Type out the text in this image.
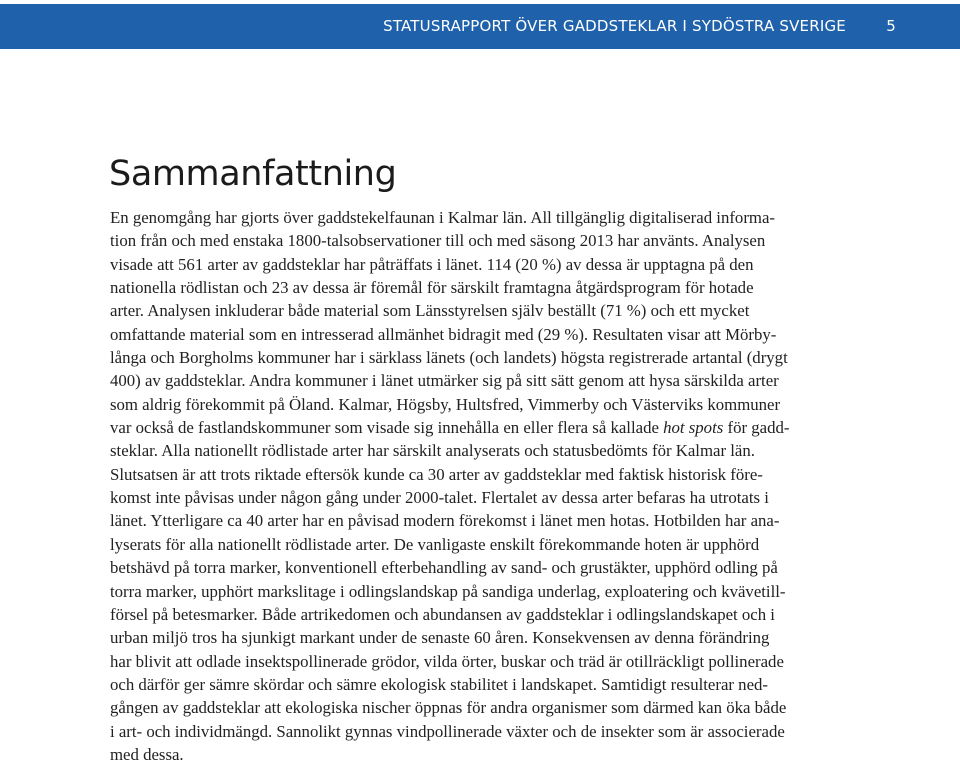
STATUSRAPPORT ÖVER GADDSTEKLAR I SYDÖSTRA SVERIGE	5
Sammanfattning

En genomgång har gjorts över gaddstekelfaunan i Kalmar län. All tillgänglig digitaliserad informa-
tion från och med enstaka 1800-talsobservationer till och med säsong 2013 har använts. Analysen
visade att 561 arter av gaddsteklar har påträffats i länet. 114 (20 %) av dessa är upptagna på den
nationella rödlistan och 23 av dessa är föremål för särskilt framtagna åtgärdsprogram för hotade
arter. Analysen inkluderar både material som Länsstyrelsen själv beställt (71 %) och ett mycket
omfattande material som en intresserad allmänhet bidragit med (29 %). Resultaten visar att Mörby-
långa och Borgholms kommuner har i särklass länets (och landets) högsta registrerade artantal (drygt
400) av gaddsteklar. Andra kommuner i länet utmärker sig på sitt sätt genom att hysa särskilda arter
som aldrig förekommit på Öland. Kalmar, Högsby, Hultsfred, Vimmerby och Västerviks kommuner
var också de fastlandskommuner som visade sig innehålla en eller flera så kallade hot spots för gadd-
steklar. Alla nationellt rödlistade arter har särskilt analyserats och statusbedömts för Kalmar län.
Slutsatsen är att trots riktade eftersök kunde ca 30 arter av gaddsteklar med faktisk historisk före-
komst inte påvisas under någon gång under 2000-talet. Flertalet av dessa arter befaras ha utrotats i
länet. Ytterligare ca 40 arter har en påvisad modern förekomst i länet men hotas. Hotbilden har ana-
lyserats för alla nationellt rödlistade arter. De vanligaste enskilt förekommande hoten är upphörd
betshävd på torra marker, konventionell efterbehandling av sand- och grustäkter, upphörd odling på
torra marker, upphört markslitage i odlingslandskap på sandiga underlag, exploatering och kvävetill-
försel på betesmarker. Både artrikedomen och abundansen av gaddsteklar i odlingslandskapet och i
urban miljö tros ha sjunkigt markant under de senaste 60 åren. Konsekvensen av denna förändring
har blivit att odlade insektspollinerade grödor, vilda örter, buskar och träd är otillräckligt pollinerade
och därför ger sämre skördar och sämre ekologisk stabilitet i landskapet. Samtidigt resulterar ned-
gången av gaddsteklar att ekologiska nischer öppnas för andra organismer som därmed kan öka både
i art- och individmängd. Sannolikt gynnas vindpollinerade växter och de insekter som är associerade
med dessa.
